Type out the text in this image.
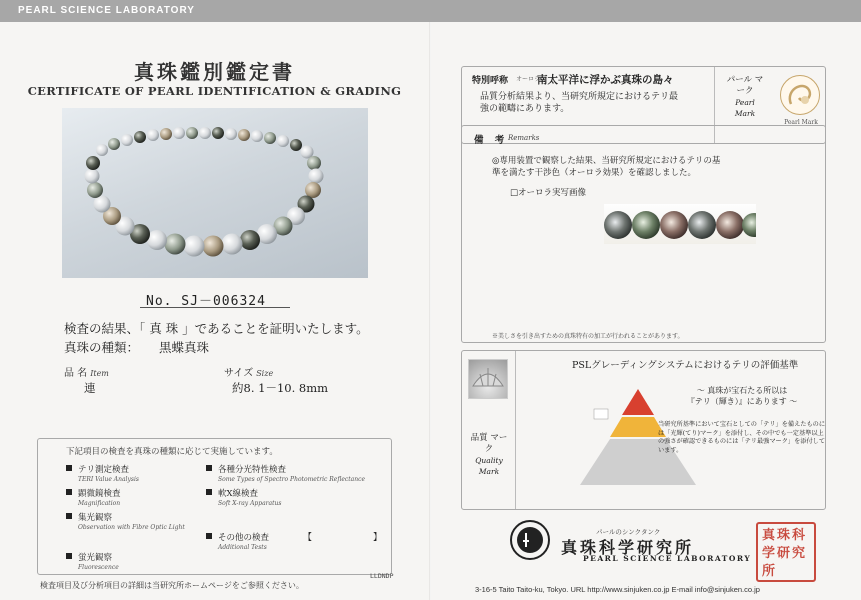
PEARL SCIENCE LABORATORY
真珠鑑別鑑定書
CERTIFICATE OF PEARL IDENTIFICATION & GRADING
No. SJ－006324
検査の結果、「 真 珠 」であることを証明いたします。
真珠の種類： 黒蝶真珠
品 名 Item	サイズ Size
連	約8. 1－10. 8mm
下記項目の検査を真珠の種類に応じて実施しています。
テリ測定検査
TERI Value Analysis
各種分光特性検査
Some Types of Spectro Photometric Reflectance
顕微鏡検査
Magnification
軟X線検査
Soft X-ray Apparatus
集光観察
Observation with Fibre Optic Light
その他の検査
Additional Tests
【	】
蛍光観察
Fluorescence
検査項目及び分析項目の詳細は当研究所ホームページをご参照ください。
LLDNDP
特別呼称 オーロラ
南太平洋に浮かぶ真珠の島々
品質分析結果より、当研究所規定におけるテリ最強の範疇にあります。
パール マーク
Pearl Mark
Pearl Mark
備 考 Remarks
◎専用装置で観察した結果、当研究所規定におけるテリの基準を満たす干渉色（オーロラ効果）を確認しました。
□オーロラ実写画像
※美しさを引き出すための真珠特有の加工が行われることがあります。
品質 マーク
Quality Mark
PSLグレーディングシステムにおけるテリの評価基準
～ 真珠が宝石たる所以は
『テリ（輝き）』にあります ～
当研究所基準において宝石としての「テリ」を備えたものには「光輝(てり)マーク」を添付し、その中でも一定基準以上の強さが確認できるものには「テリ最強マーク」を添付しています。
パールのシンクタンク
真珠科学研究所
PEARL SCIENCE LABORATORY
真珠科学研究所
3-16-5 Taito Taito-ku, Tokyo. URL http://www.sinjuken.co.jp E-mail info@sinjuken.co.jp
